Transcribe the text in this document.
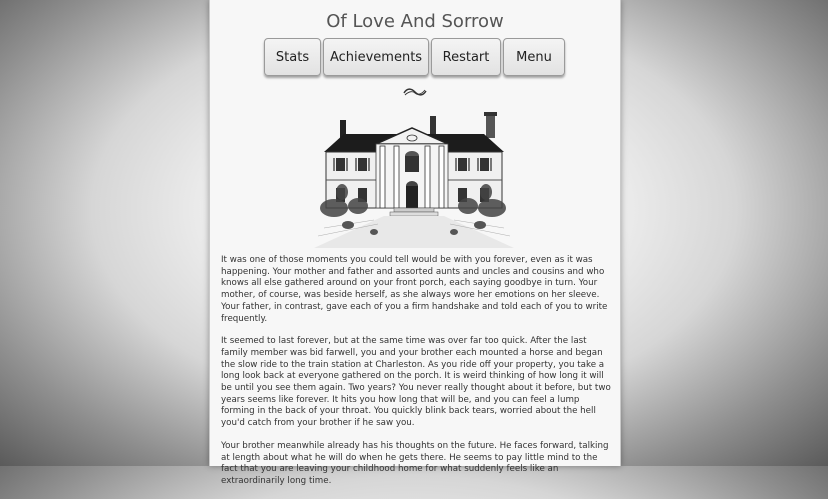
Of Love And Sorrow
Stats	Achievements	Restart	Menu

It was one of those moments you could tell would be with you forever, even as it was happening. Your mother and father and assorted aunts and uncles and cousins and who knows all else gathered around on your front porch, each saying goodbye in turn. Your mother, of course, was beside herself, as she always wore her emotions on her sleeve. Your father, in contrast, gave each of you a firm handshake and told each of you to write frequently.

It seemed to last forever, but at the same time was over far too quick. After the last family member was bid farwell, you and your brother each mounted a horse and began the slow ride to the train station at Charleston. As you ride off your property, you take a long look back at everyone gathered on the porch. It is weird thinking of how long it will be until you see them again. Two years? You never really thought about it before, but two years seems like forever. It hits you how long that will be, and you can feel a lump forming in the back of your throat. You quickly blink back tears, worried about the hell you'd catch from your brother if he saw you.

Your brother meanwhile already has his thoughts on the future. He faces forward, talking at length about what he will do when he gets there. He seems to pay little mind to the fact that you are leaving your childhood home for what suddenly feels like an extraordinarily long time.
